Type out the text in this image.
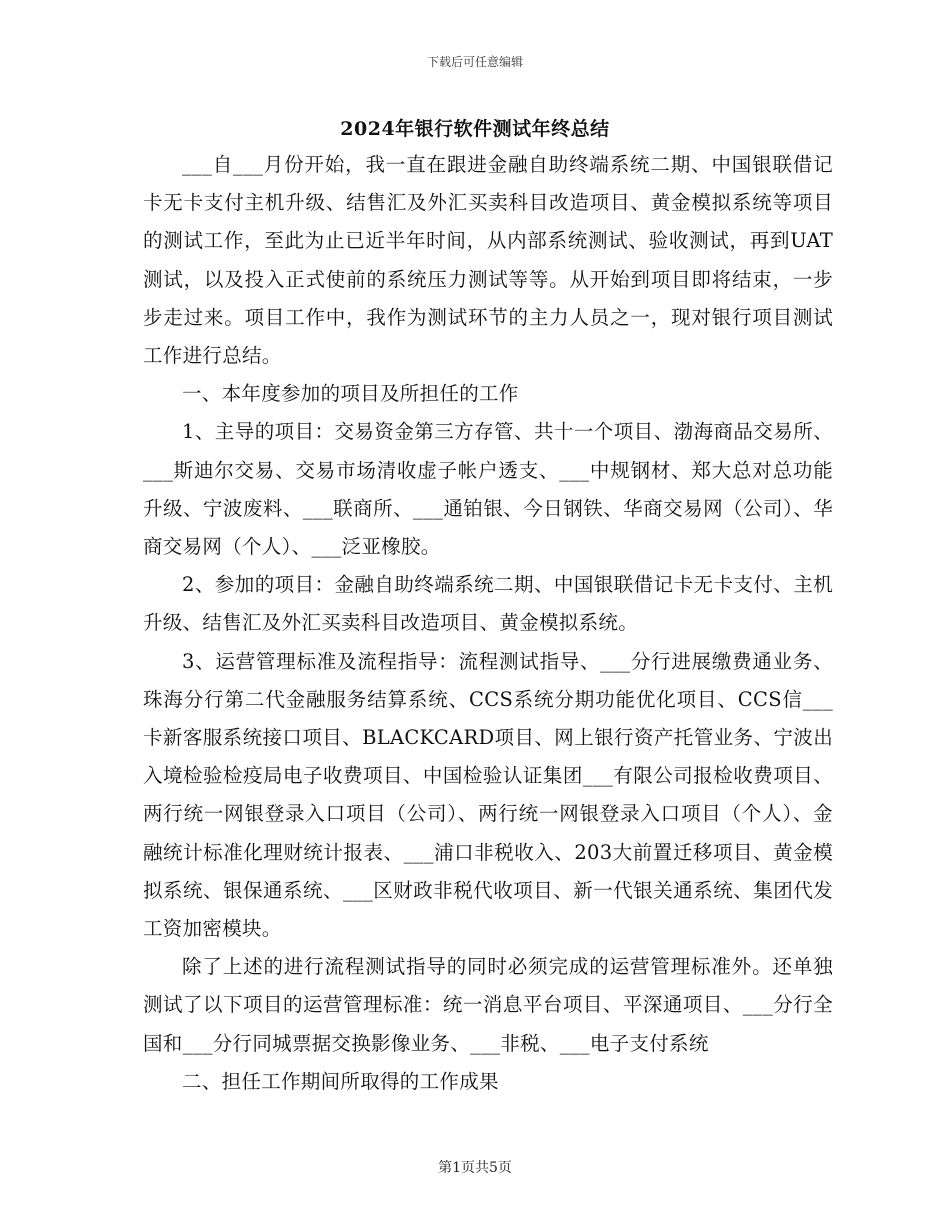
下载后可任意编辑
2024年银行软件测试年终总结

___自___月份开始，我一直在跟进金融自助终端系统二期、中国银联借记卡无卡支付主机升级、结售汇及外汇买卖科目改造项目、黄金模拟系统等项目的测试工作，至此为止已近半年时间，从内部系统测试、验收测试，再到UAT测试，以及投入正式使前的系统压力测试等等。从开始到项目即将结束，一步步走过来。项目工作中，我作为测试环节的主力人员之一，现对银行项目测试工作进行总结。

一、本年度参加的项目及所担任的工作

1、主导的项目：交易资金第三方存管、共十一个项目、渤海商品交易所、___斯迪尔交易、交易市场清收虚子帐户透支、___中规钢材、郑大总对总功能升级、宁波废料、___联商所、___通铂银、今日钢铁、华商交易网（公司）、华商交易网（个人）、___泛亚橡胶。

2、参加的项目：金融自助终端系统二期、中国银联借记卡无卡支付、主机升级、结售汇及外汇买卖科目改造项目、黄金模拟系统。

3、运营管理标准及流程指导：流程测试指导、___分行进展缴费通业务、珠海分行第二代金融服务结算系统、CCS系统分期功能优化项目、CCS信___卡新客服系统接口项目、BLACKCARD项目、网上银行资产托管业务、宁波出入境检验检疫局电子收费项目、中国检验认证集团___有限公司报检收费项目、两行统一网银登录入口项目（公司）、两行统一网银登录入口项目（个人）、金融统计标准化理财统计报表、___浦口非税收入、203大前置迁移项目、黄金模拟系统、银保通系统、___区财政非税代收项目、新一代银关通系统、集团代发工资加密模块。

除了上述的进行流程测试指导的同时必须完成的运营管理标准外。还单独测试了以下项目的运营管理标准：统一消息平台项目、平深通项目、___分行全国和___分行同城票据交换影像业务、___非税、___电子支付系统

二、担任工作期间所取得的工作成果

第1页共5页
